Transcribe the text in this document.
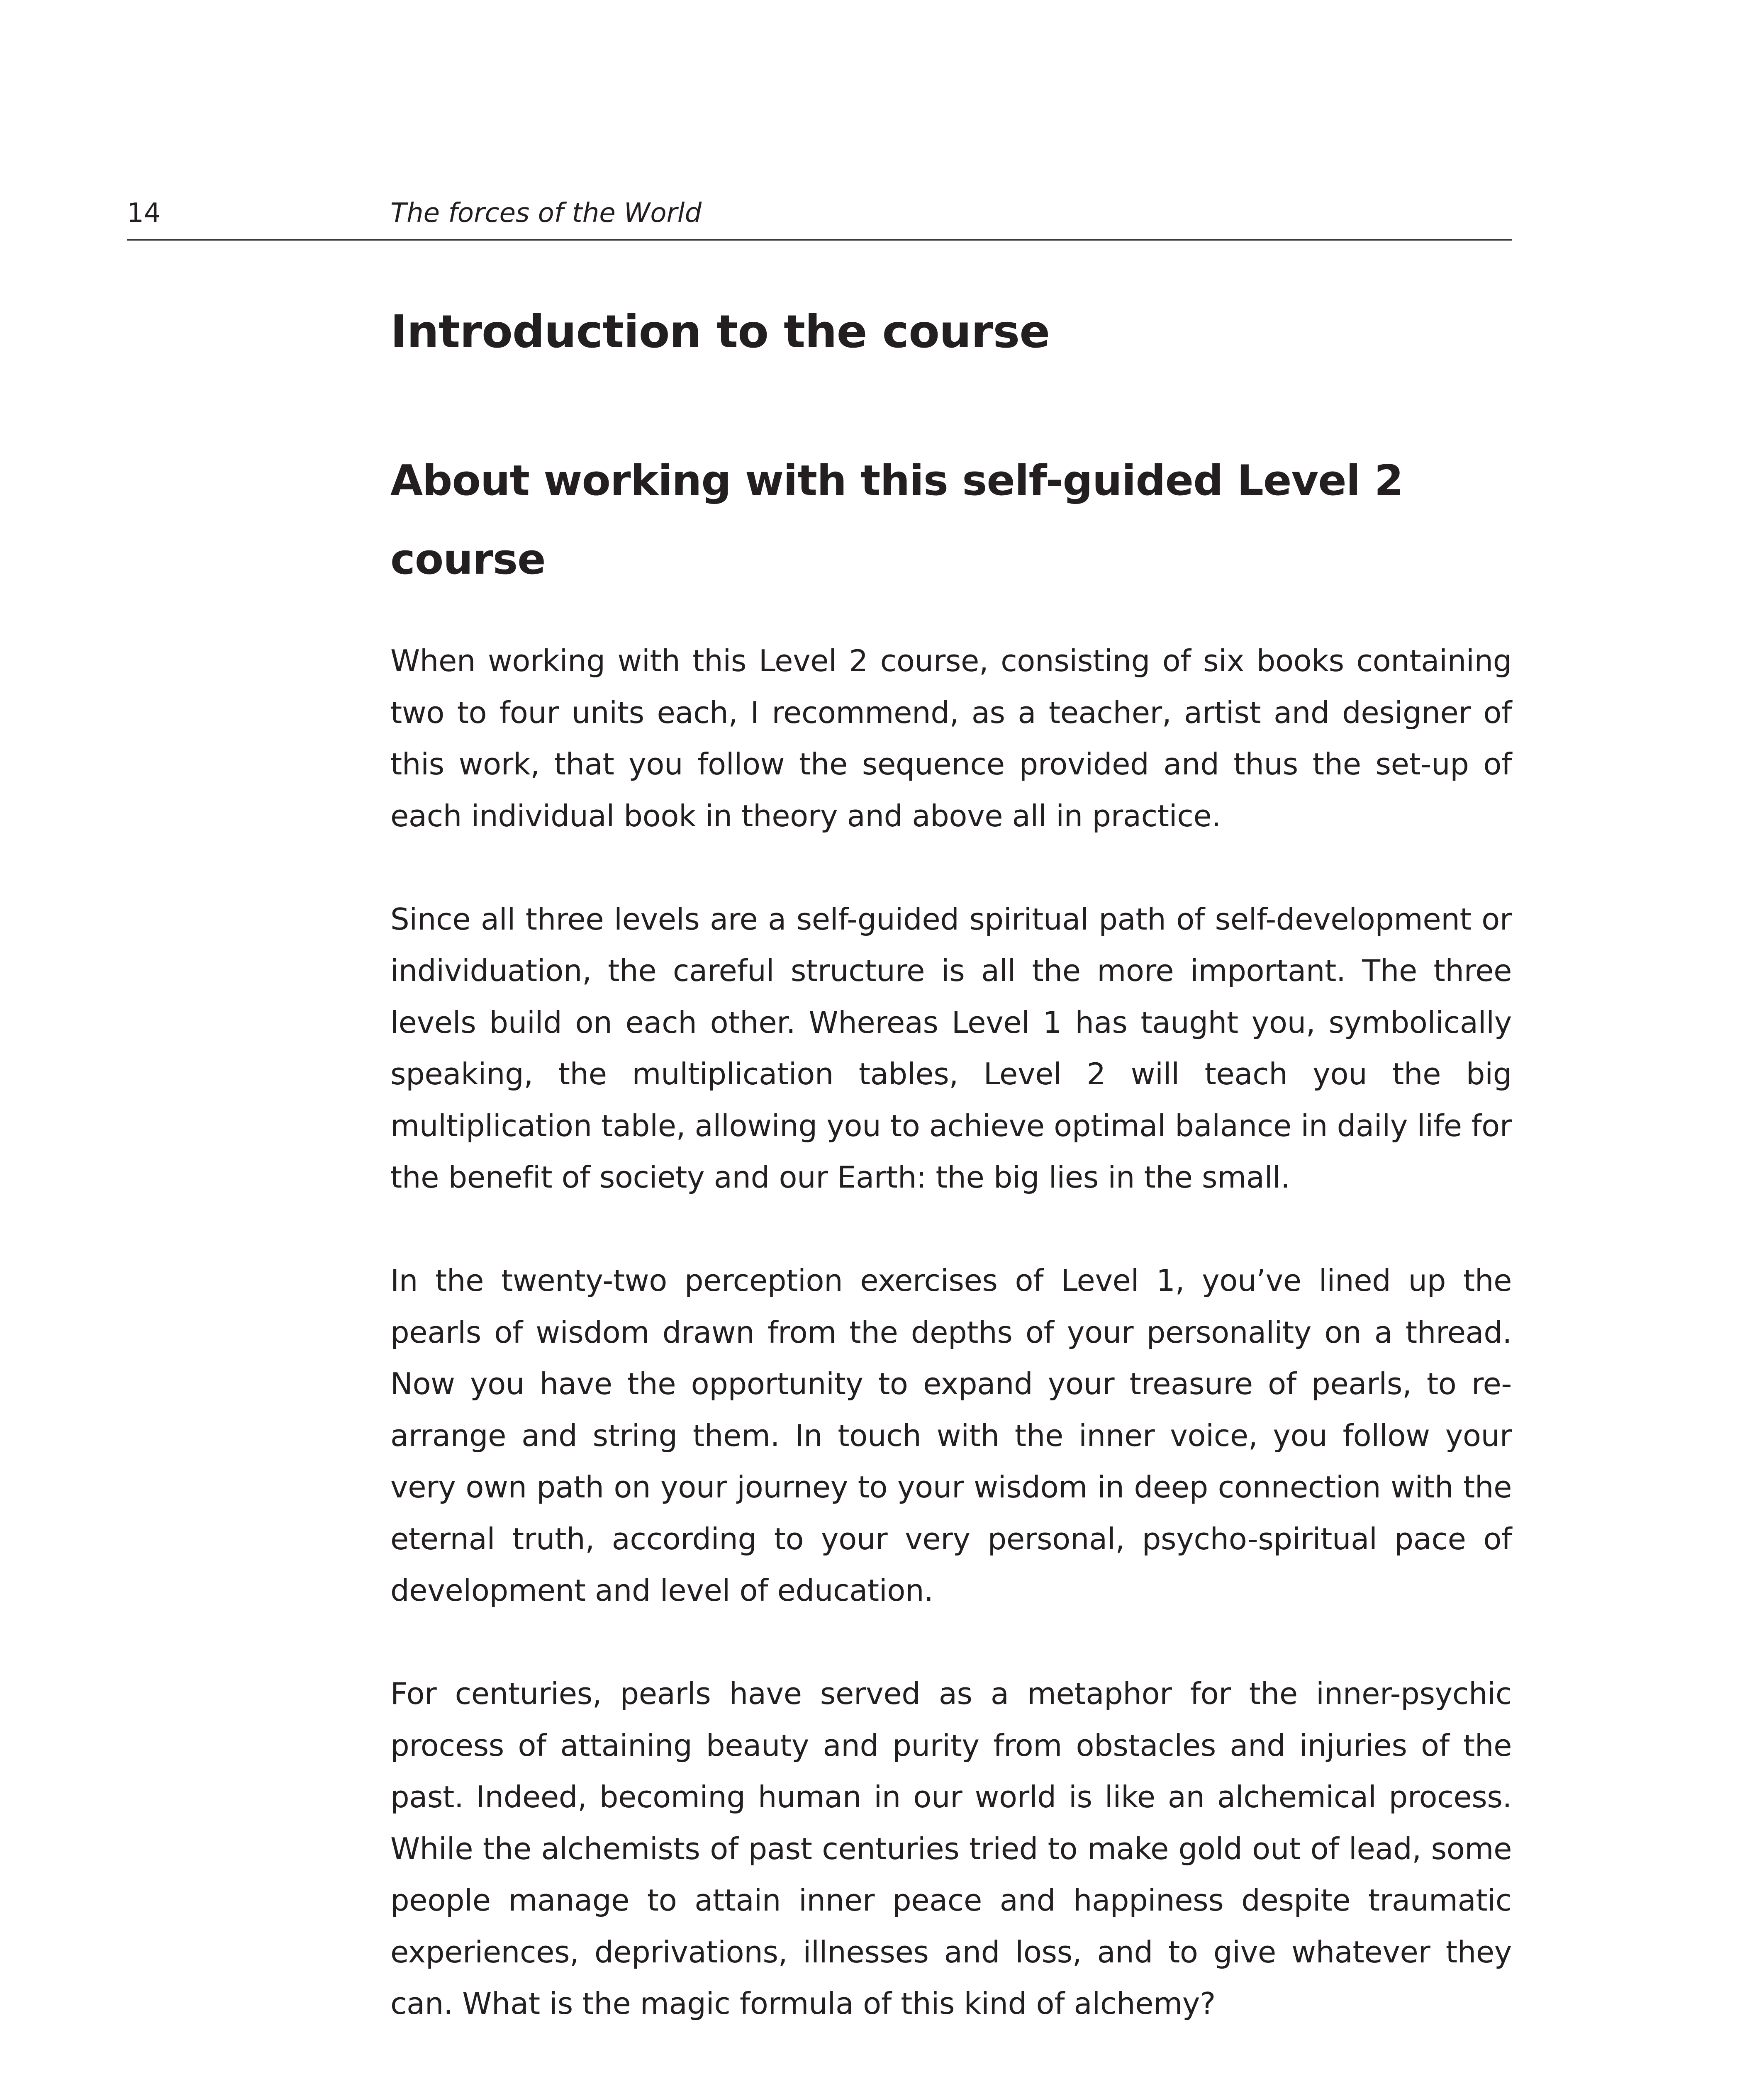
14	The forces of the World
Introduction to the course
About working with this self-guided Level 2 course

When working with this Level 2 course, consisting of six books containing two to four units each, I recommend, as a teacher, artist and designer of this work, that you follow the sequence provided and thus the set-up of each individual book in theory and above all in practice.

Since all three levels are a self-guided spiritual path of self-development or individuation, the careful structure is all the more important. The three levels build on each other. Whereas Level 1 has taught you, symbolically speaking, the multiplication tables, Level 2 will teach you the big multiplication table, allowing you to achieve optimal balance in daily life for the benefit of society and our Earth: the big lies in the small.

In the twenty-two perception exercises of Level 1, you’ve lined up the pearls of wisdom drawn from the depths of your personality on a thread. Now you have the opportunity to expand your treasure of pearls, to re-arrange and string them. In touch with the inner voice, you follow your very own path on your journey to your wisdom in deep connection with the eternal truth, according to your very personal, psycho-spiritual pace of development and level of education.

For centuries, pearls have served as a metaphor for the inner-psychic process of attaining beauty and purity from obstacles and injuries of the past. Indeed, becoming human in our world is like an alchemical process. While the alchemists of past centuries tried to make gold out of lead, some people manage to attain inner peace and happiness despite traumatic experiences, deprivations, illnesses and loss, and to give whatever they can. What is the magic formula of this kind of alchemy?
